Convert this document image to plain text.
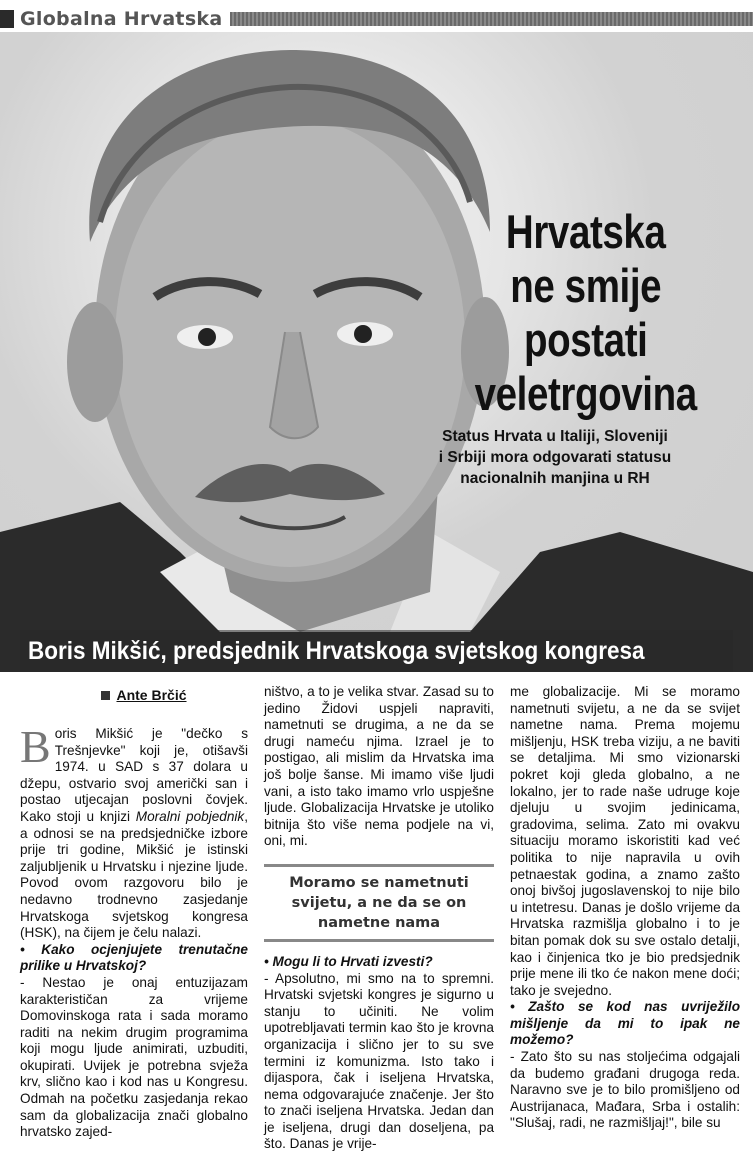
Globalna Hrvatska
Hrvatska
ne smije
postati
veletrgovina
Status Hrvata u Italiji, Sloveniji
i Srbiji mora odgovarati statusu
nacionalnih manjina u RH
Boris Mikšić, predsjednik Hrvatskoga svjetskog kongresa
Ante Brčić

Boris Mikšić je "dečko s Trešnjevke" koji je, otišavši 1974. u SAD s 37 dolara u džepu, ostvario svoj američki san i postao utjecajan poslovni čovjek. Kako stoji u knjizi Moralni pobjednik, a odnosi se na predsjedničke izbore prije tri godine, Mikšić je istinski zaljubljenik u Hrvatsku i njezine ljude. Povod ovom razgovoru bilo je nedavno trodnevno zasjedanje Hrvatskoga svjetskog kongresa (HSK), na čijem je čelu nalazi.

• Kako ocjenjujete trenutačne prilike u Hrvatskoj?

- Nestao je onaj entuzijazam karakterističan za vrijeme Domovinskoga rata i sada moramo raditi na nekim drugim programima koji mogu ljude animirati, uzbuditi, okupirati. Uvijek je potrebna svježa krv, slično kao i kod nas u Kongresu. Odmah na početku zasjedanja rekao sam da globalizacija znači globalno hrvatsko zajed-

ništvo, a to je velika stvar. Zasad su to jedino Židovi uspjeli napraviti, nametnuti se drugima, a ne da se drugi nameću njima. Izrael je to postigao, ali mislim da Hrvatska ima još bolje šanse. Mi imamo više ljudi vani, a isto tako imamo vrlo uspješne ljude. Globalizacija Hrvatske je utoliko bitnija što više nema podjele na vi, oni, mi.

Moramo se nametnuti svijetu, a ne da se on nametne nama

• Mogu li to Hrvati izvesti?

- Apsolutno, mi smo na to spremni. Hrvatski svjetski kongres je sigurno u stanju to učiniti. Ne volim upotrebljavati termin kao što je krovna organizacija i slično jer to su sve termini iz komunizma. Isto tako i dijaspora, čak i iseljena Hrvatska, nema odgovarajuće značenje. Jer što to znači iseljena Hrvatska. Jedan dan je iseljena, drugi dan doseljena, pa što. Danas je vrije-

me globalizacije. Mi se moramo nametnuti svijetu, a ne da se svijet nametne nama. Prema mojemu mišljenju, HSK treba viziju, a ne baviti se detaljima. Mi smo vizionarski pokret koji gleda globalno, a ne lokalno, jer to rade naše udruge koje djeluju u svojim jedinicama, gradovima, selima. Zato mi ovakvu situaciju moramo iskoristiti kad već politika to nije napravila u ovih petnaestak godina, a znamo zašto onoj bivšoj jugoslavenskoj to nije bilo u intetresu. Danas je došlo vrijeme da Hrvatska razmišlja globalno i to je bitan pomak dok su sve ostalo detalji, kao i činjenica tko je bio predsjednik prije mene ili tko će nakon mene doći; tako je svejedno.

• Zašto se kod nas uvriježilo mišljenje da mi to ipak ne možemo?

- Zato što su nas stoljećima odgajali da budemo građani drugoga reda. Naravno sve je to bilo promišljeno od Austrijanaca, Mađara, Srba i ostalih: "Slušaj, radi, ne razmišljaj!", bile su
